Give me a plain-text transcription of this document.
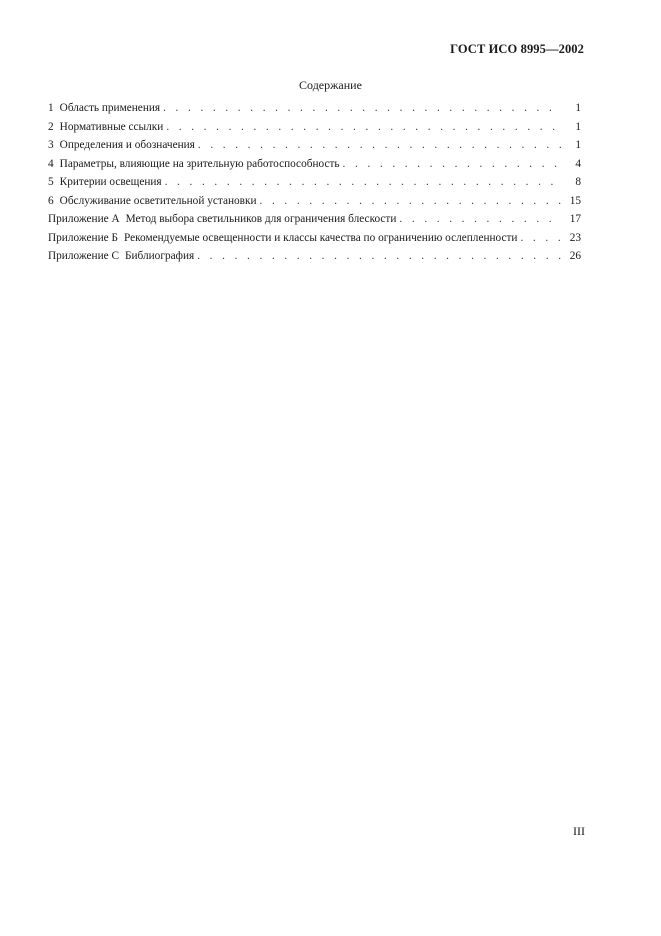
ГОСТ ИСО 8995—2002
Содержание
1 Область применения . . .	1
2 Нормативные ссылки . . .	1
3 Определения и обозначения . . .	1
4 Параметры, влияющие на зрительную работоспособность . . .	4
5 Критерии освещения . . .	8
6 Обслуживание осветительной установки . . .	15
Приложение А Метод выбора светильников для ограничения блескости . . .	17
Приложение Б Рекомендуемые освещенности и классы качества по ограничению ослепленности . . .	23
Приложение С Библиография . . .	26
III
